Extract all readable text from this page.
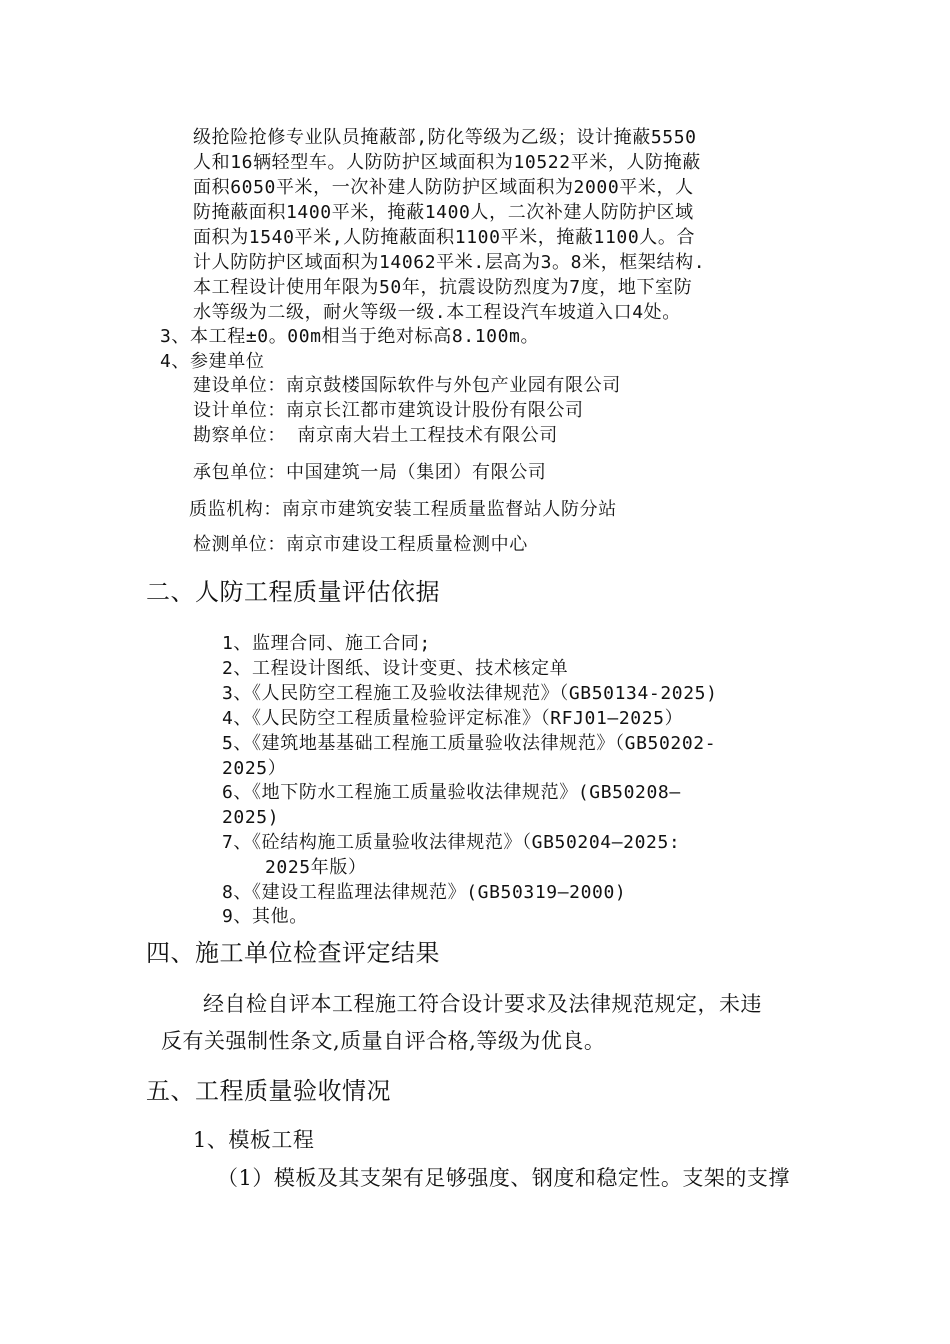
级抢险抢修专业队员掩蔽部,防化等级为乙级；设计掩蔽5550
人和16辆轻型车。人防防护区域面积为10522平米，人防掩蔽
面积6050平米，一次补建人防防护区域面积为2000平米，人
防掩蔽面积1400平米，掩蔽1400人，二次补建人防防护区域
面积为1540平米,人防掩蔽面积1100平米，掩蔽1100人。合
计人防防护区域面积为14062平米.层高为3。8米，框架结构.
本工程设计使用年限为50年，抗震设防烈度为7度，地下室防
水等级为二级，耐火等级一级.本工程设汽车坡道入口4处。
3、本工程±0。00m相当于绝对标高8.100m。
4、参建单位
建设单位：南京鼓楼国际软件与外包产业园有限公司
设计单位：南京长江都市建筑设计股份有限公司
勘察单位： 南京南大岩土工程技术有限公司
承包单位：中国建筑一局（集团）有限公司
质监机构：南京市建筑安装工程质量监督站人防分站
检测单位：南京市建设工程质量检测中心
二、人防工程质量评估依据
1、监理合同、施工合同;
2、工程设计图纸、设计变更、技术核定单
3、《人民防空工程施工及验收法律规范》（GB50134-2025)
4、《人民防空工程质量检验评定标准》（RFJ01—2025）
5、《建筑地基基础工程施工质量验收法律规范》（GB50202-
2025）
6、《地下防水工程施工质量验收法律规范》(GB50208—
2025)
7、《砼结构施工质量验收法律规范》（GB50204—2025:
2025年版）
8、《建设工程监理法律规范》(GB50319—2000)
9、其他。
四、施工单位检查评定结果
经自检自评本工程施工符合设计要求及法律规范规定，未违
反有关强制性条文,质量自评合格,等级为优良。
五、工程质量验收情况
1、模板工程
（1）模板及其支架有足够强度、钢度和稳定性。支架的支撑
